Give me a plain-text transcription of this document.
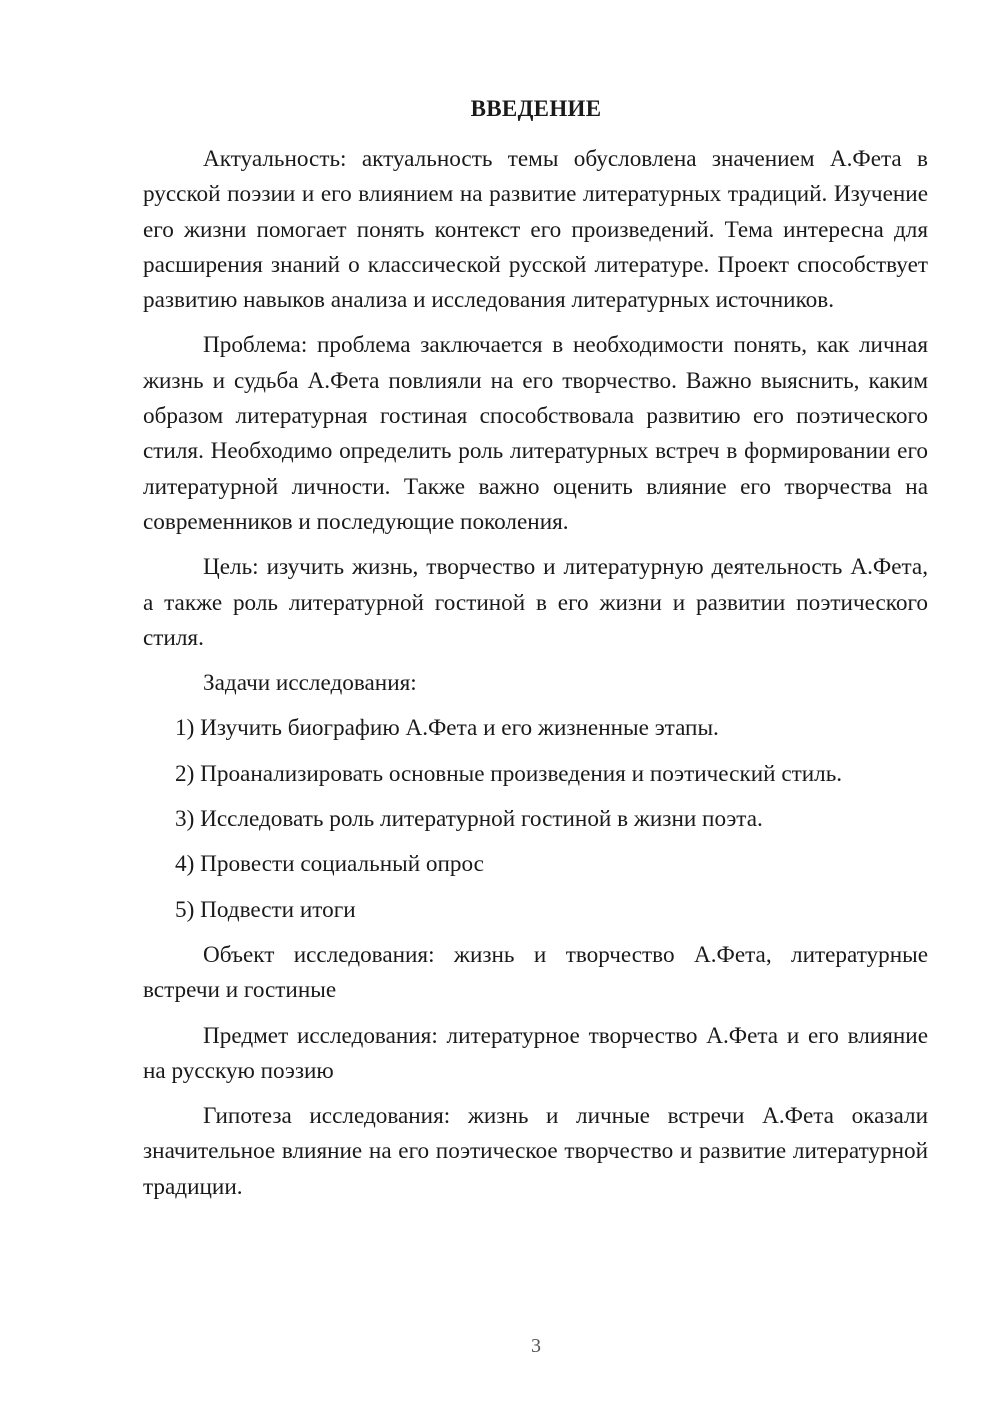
ВВЕДЕНИЕ

Актуальность: актуальность темы обусловлена значением А.Фета в русской поэзии и его влиянием на развитие литературных традиций. Изучение его жизни помогает понять контекст его произведений. Тема интересна для расширения знаний о классической русской литературе. Проект способствует развитию навыков анализа и исследования литературных источников.

Проблема: проблема заключается в необходимости понять, как личная жизнь и судьба А.Фета повлияли на его творчество. Важно выяснить, каким образом литературная гостиная способствовала развитию его поэтического стиля. Необходимо определить роль литературных встреч в формировании его литературной личности. Также важно оценить влияние его творчества на современников и последующие поколения.

Цель: изучить жизнь, творчество и литературную деятельность А.Фета, а также роль литературной гостиной в его жизни и развитии поэтического стиля.

Задачи исследования:

1) Изучить биографию А.Фета и его жизненные этапы.

2) Проанализировать основные произведения и поэтический стиль.

3) Исследовать роль литературной гостиной в жизни поэта.

4) Провести социальный опрос

5) Подвести итоги

Объект исследования: жизнь и творчество А.Фета, литературные встречи и гостиные

Предмет исследования: литературное творчество А.Фета и его влияние на русскую поэзию

Гипотеза исследования: жизнь и личные встречи А.Фета оказали значительное влияние на его поэтическое творчество и развитие литературной традиции.

3
